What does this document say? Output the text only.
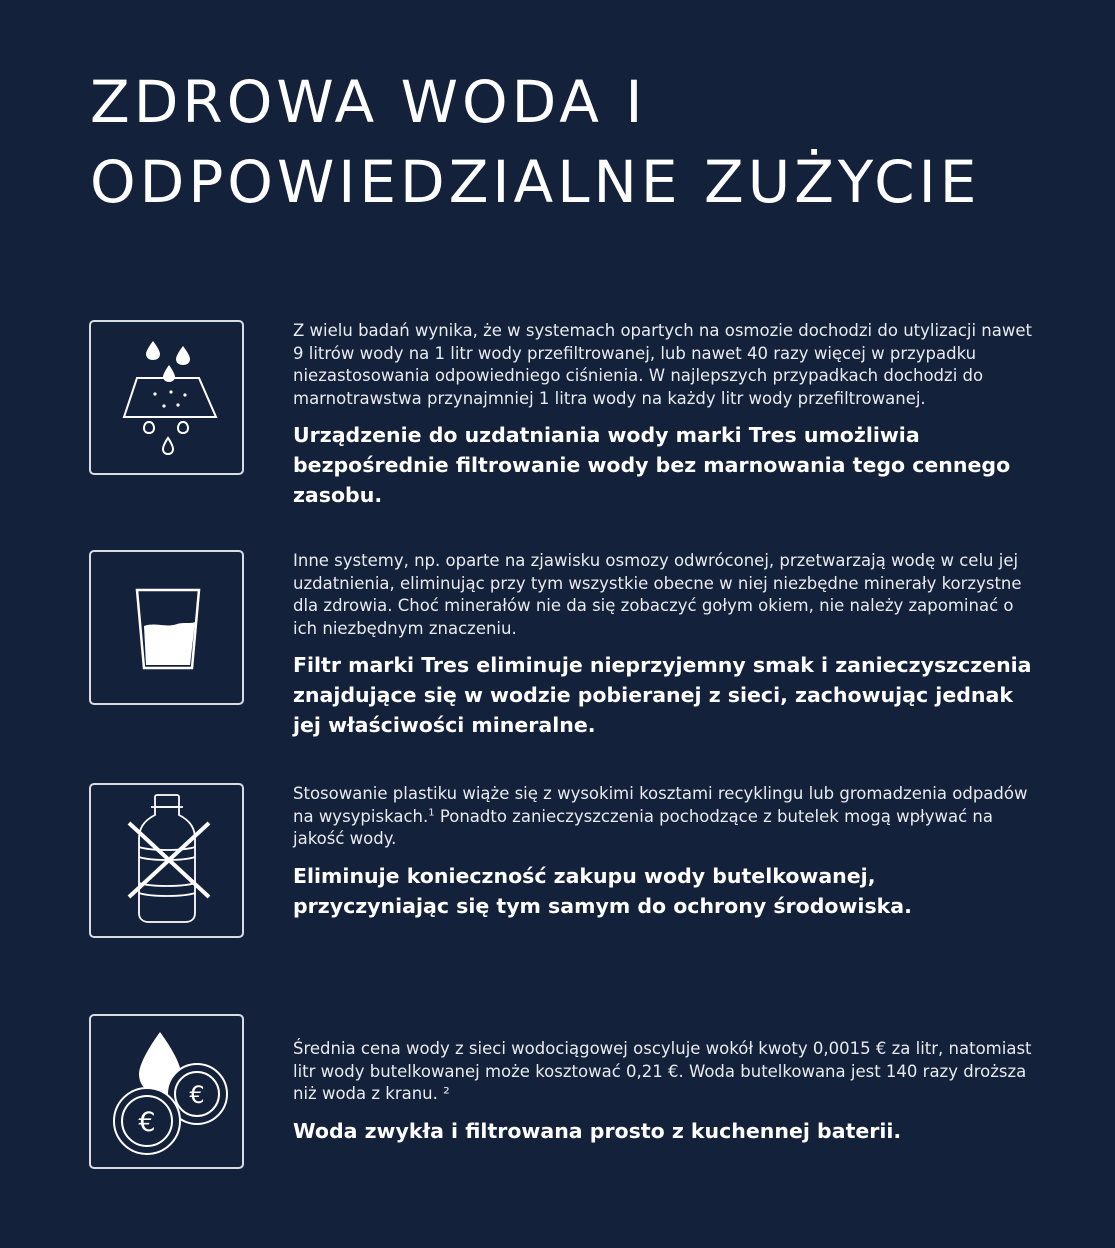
ZDROWA WODA I
ODPOWIEDZIALNE ZUŻYCIE

Z wielu badań wynika, że w systemach opartych na osmozie dochodzi do utylizacji nawet 9 litrów wody na 1 litr wody przefiltrowanej, lub nawet 40 razy więcej w przypadku niezastosowania odpowiedniego ciśnienia. W najlepszych przypadkach dochodzi do marnotrawstwa przynajmniej 1 litra wody na każdy litr wody przefiltrowanej.

Urządzenie do uzdatniania wody marki Tres umożliwia bezpośrednie filtrowanie wody bez marnowania tego cennego zasobu.

Inne systemy, np. oparte na zjawisku osmozy odwróconej, przetwarzają wodę w celu jej uzdatnienia, eliminując przy tym wszystkie obecne w niej niezbędne minerały korzystne dla zdrowia. Choć minerałów nie da się zobaczyć gołym okiem, nie należy zapominać o ich niezbędnym znaczeniu.

Filtr marki Tres eliminuje nieprzyjemny smak i zanieczyszczenia znajdujące się w wodzie pobieranej z sieci, zachowując jednak jej właściwości mineralne.

Stosowanie plastiku wiąże się z wysokimi kosztami recyklingu lub gromadzenia odpadów na wysypiskach.$^1$ Ponadto zanieczyszczenia pochodzące z butelek mogą wpływać na jakość wody.

Eliminuje konieczność zakupu wody butelkowanej, przyczyniając się tym samym do ochrony środowiska.

€
€

Średnia cena wody z sieci wodociągowej oscyluje wokół kwoty 0,0015 € za litr, natomiast litr wody butelkowanej może kosztować 0,21 €. Woda butelkowana jest 140 razy droższa niż woda z kranu. ²

Woda zwykła i filtrowana prosto z kuchennej baterii.
